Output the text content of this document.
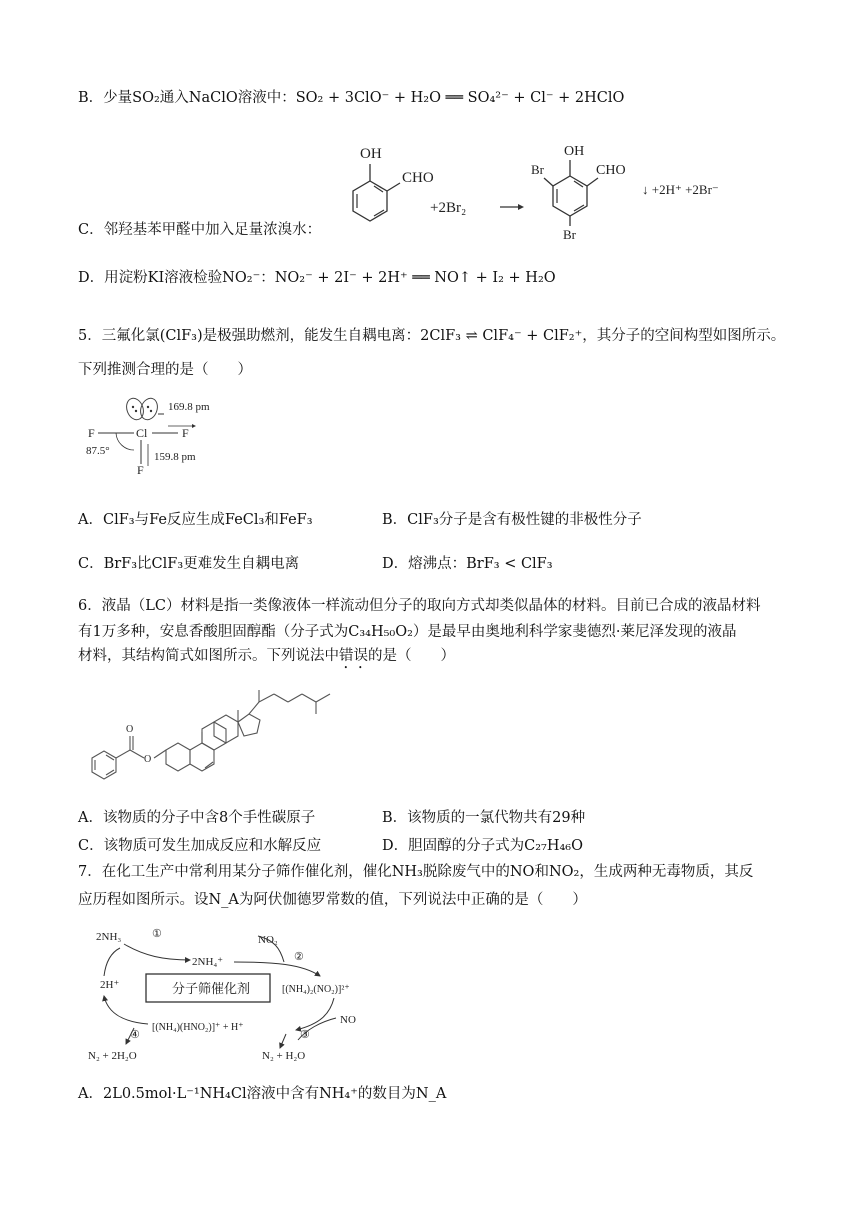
B．少量SO₂通入NaClO溶液中：SO₂ + 3ClO⁻ + H₂O ══ SO₄²⁻ + Cl⁻ + 2HClO
C．邻羟基苯甲醛中加入足量浓溴水：
OH
CHO
+2Br₂
OH
CHO
Br
Br
↓ +2H⁺ +2Br⁻
D．用淀粉KI溶液检验NO₂⁻：NO₂⁻ + 2I⁻ + 2H⁺ ══ NO↑ + I₂ + H₂O
5．三氟化氯(ClF₃)是极强助燃剂，能发生自耦电离：2ClF₃ ⇌ ClF₄⁻ + ClF₂⁺，其分子的空间构型如图所示。
下列推测合理的是（　　）
Cl
F	F
F
169.8 pm
159.8 pm
87.5°
A．ClF₃与Fe反应生成FeCl₃和FeF₃	B．ClF₃分子是含有极性键的非极性分子
C．BrF₃比ClF₃更难发生自耦电离	D．熔沸点：BrF₃ < ClF₃
6．液晶（LC）材料是指一类像液体一样流动但分子的取向方式却类似晶体的材料。目前已合成的液晶材料
有1万多种，安息香酸胆固醇酯（分子式为C₃₄H₅₀O₂）是最早由奥地利科学家斐德烈·莱尼泽发现的液晶
材料，其结构简式如图所示。下列说法中错误的是（　　）
O
O
A．该物质的分子中含8个手性碳原子	B．该物质的一氯代物共有29种
C．该物质可发生加成反应和水解反应	D．胆固醇的分子式为C₂₇H₄₆O
7．在化工生产中常利用某分子筛作催化剂，催化NH₃脱除废气中的NO和NO₂，生成两种无毒物质，其反
应历程如图所示。设N_A为阿伏伽德罗常数的值，下列说法中正确的是（　　）
分子筛催化剂
2NH₃	①
2NH₄⁺
NO₂
②
[(NH₄)₂(NO₂)]²⁺
NO
③
N₂ + H₂O
[(NH₄)(HNO₂)]⁺ + H⁺
2H⁺
④
N₂ + 2H₂O
A．2L0.5mol·L⁻¹NH₄Cl溶液中含有NH₄⁺的数目为N_A
